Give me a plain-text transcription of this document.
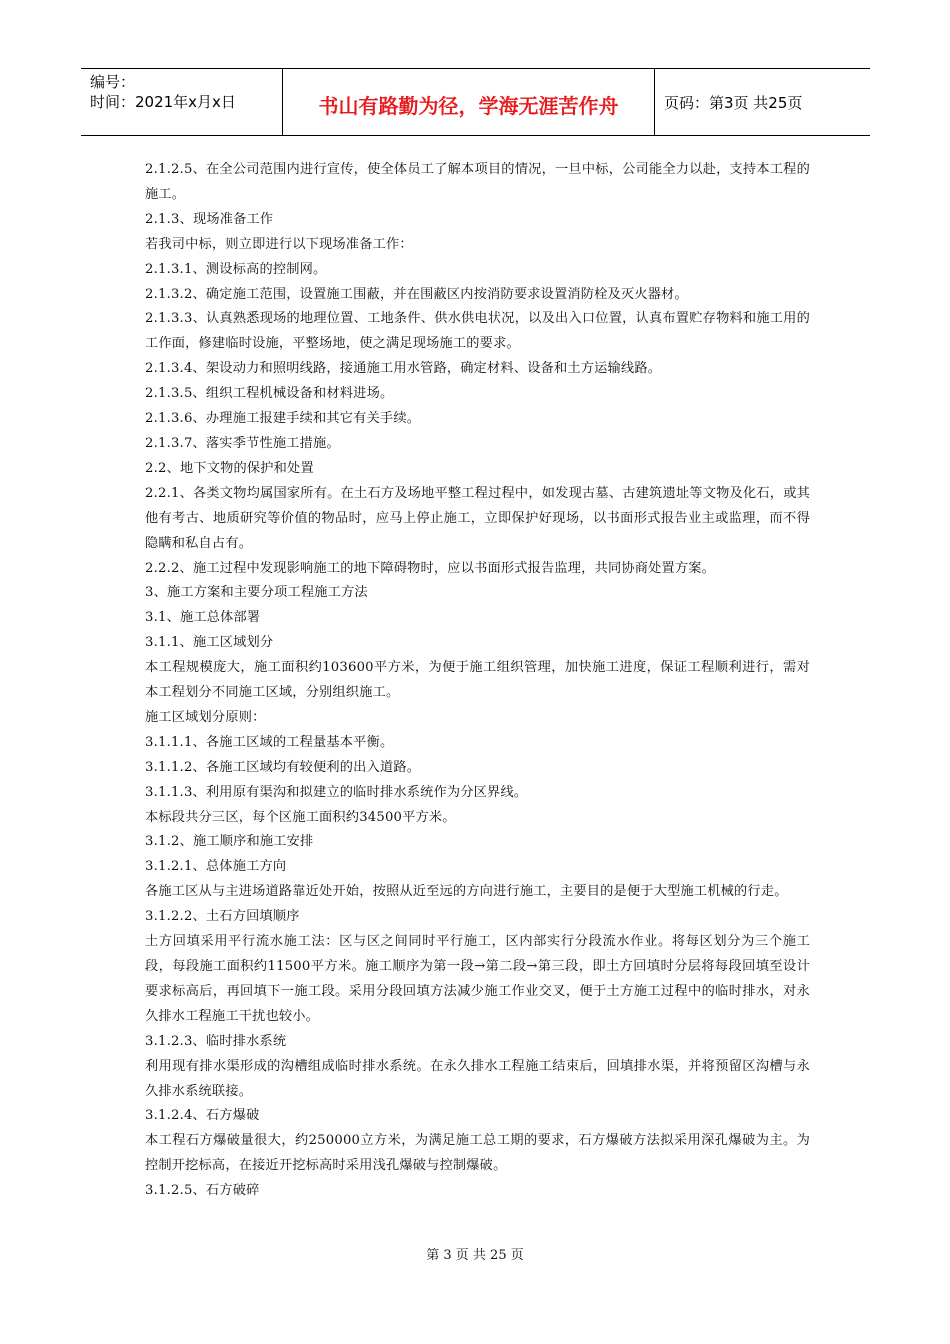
编号：
时间：2021年x月x日	书山有路勤为径，学海无涯苦作舟	页码：第3页 共25页

2.1.2.5、在全公司范围内进行宣传，使全体员工了解本项目的情况，一旦中标，公司能全力以赴，支持本工程的施工。

2.1.3、现场准备工作

若我司中标，则立即进行以下现场准备工作：

2.1.3.1、测设标高的控制网。

2.1.3.2、确定施工范围，设置施工围蔽，并在围蔽区内按消防要求设置消防栓及灭火器材。

2.1.3.3、认真熟悉现场的地理位置、工地条件、供水供电状况，以及出入口位置，认真布置贮存物料和施工用的工作面，修建临时设施，平整场地，使之满足现场施工的要求。

2.1.3.4、架设动力和照明线路，接通施工用水管路，确定材料、设备和土方运输线路。

2.1.3.5、组织工程机械设备和材料进场。

2.1.3.6、办理施工报建手续和其它有关手续。

2.1.3.7、落实季节性施工措施。

2.2、地下文物的保护和处置

2.2.1、各类文物均属国家所有。在土石方及场地平整工程过程中，如发现古墓、古建筑遗址等文物及化石，或其他有考古、地质研究等价值的物品时，应马上停止施工，立即保护好现场，以书面形式报告业主或监理，而不得隐瞒和私自占有。

2.2.2、施工过程中发现影响施工的地下障碍物时，应以书面形式报告监理，共同协商处置方案。

3、施工方案和主要分项工程施工方法

3.1、施工总体部署

3.1.1、施工区域划分

本工程规模庞大，施工面积约103600平方米，为便于施工组织管理，加快施工进度，保证工程顺利进行，需对本工程划分不同施工区域，分别组织施工。

施工区域划分原则：

3.1.1.1、各施工区域的工程量基本平衡。

3.1.1.2、各施工区域均有较便利的出入道路。

3.1.1.3、利用原有渠沟和拟建立的临时排水系统作为分区界线。

本标段共分三区，每个区施工面积约34500平方米。

3.1.2、施工顺序和施工安排

3.1.2.1、总体施工方向

各施工区从与主进场道路靠近处开始，按照从近至远的方向进行施工，主要目的是便于大型施工机械的行走。

3.1.2.2、土石方回填顺序

土方回填采用平行流水施工法：区与区之间同时平行施工，区内部实行分段流水作业。将每区划分为三个施工段，每段施工面积约11500平方米。施工顺序为第一段→第二段→第三段，即土方回填时分层将每段回填至设计要求标高后，再回填下一施工段。采用分段回填方法减少施工作业交叉，便于土方施工过程中的临时排水，对永久排水工程施工干扰也较小。

3.1.2.3、临时排水系统

利用现有排水渠形成的沟槽组成临时排水系统。在永久排水工程施工结束后，回填排水渠，并将预留区沟槽与永久排水系统联接。

3.1.2.4、石方爆破

本工程石方爆破量很大，约250000立方米，为满足施工总工期的要求，石方爆破方法拟采用深孔爆破为主。为控制开挖标高，在接近开挖标高时采用浅孔爆破与控制爆破。

3.1.2.5、石方破碎

第 3 页 共 25 页
